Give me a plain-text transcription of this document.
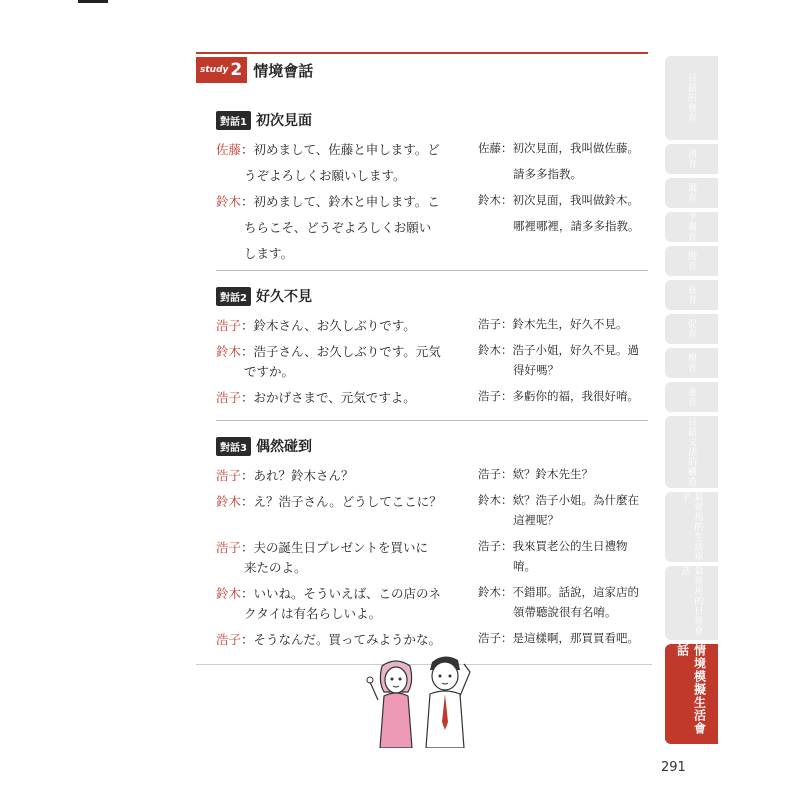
study 2 情境會話
對話1 初次見面
佐藤：初めまして、佐藤と申します。ど	佐藤：初次見面，我叫做佐藤。
うぞよろしくお願いします。	請多多指教。
鈴木：初めまして、鈴木と申します。こ	鈴木：初次見面，我叫做鈴木。
ちらこそ、どうぞよろしくお願い	哪裡哪裡，請多多指教。
します。
對話2 好久不見
浩子：鈴木さん、お久しぶりです。	浩子：鈴木先生，好久不見。
鈴木：浩子さん、お久しぶりです。元気	鈴木：浩子小姐，好久不見。過
ですか。	得好嗎？
浩子：おかげさまで、元気ですよ。	浩子：多虧你的福，我很好唷。
對話3 偶然碰到
浩子：あれ？鈴木さん？	浩子：欸？鈴木先生？
鈴木：え？浩子さん。どうしてここに？	鈴木：欸？浩子小姐。為什麼在
這裡呢？
浩子：夫の誕生日プレゼントを買いに	浩子：我來買老公的生日禮物
来たのよ。	唷。
鈴木：いいね。そういえば、この店のネ	鈴木：不錯耶。話說，這家店的
クタイは有名らしいよ。	領帶聽說很有名唷。
浩子：そうなんだ。買ってみようかな。	浩子：是這樣啊，那買買看吧。
日語的發音
清音
濁音
半濁音
拗音
長音
促音
撥音
重音
日語文法的構造
最常用的生活單字
最常用的日常會話
情境模擬生活會話
291
